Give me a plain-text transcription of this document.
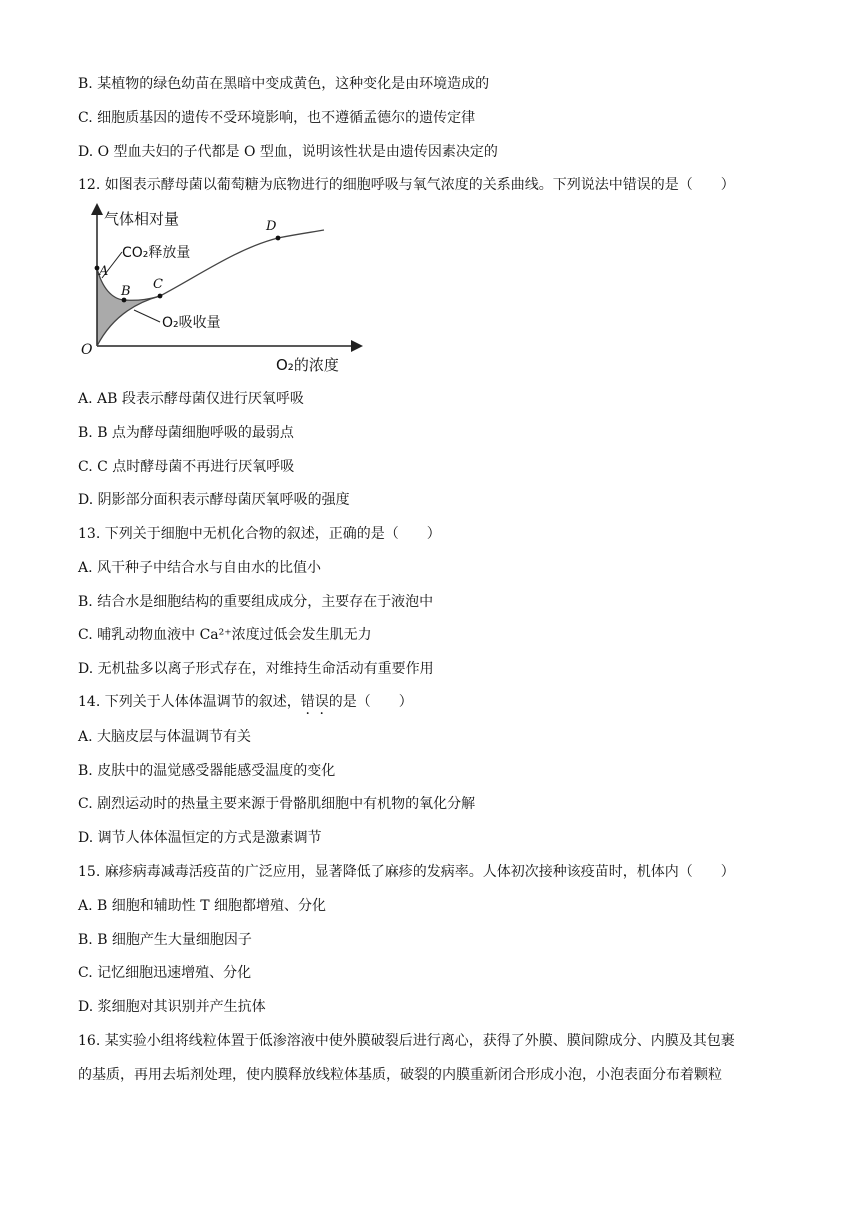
B. 某植物的绿色幼苗在黑暗中变成黄色，这种变化是由环境造成的
C. 细胞质基因的遗传不受环境影响，也不遵循孟德尔的遗传定律
D. O 型血夫妇的子代都是 O 型血，说明该性状是由遗传因素决定的
12. 如图表示酵母菌以葡萄糖为底物进行的细胞呼吸与氧气浓度的关系曲线。下列说法中错误的是（　　）
气体相对量
CO₂释放量
O₂吸收量
O₂的浓度
O
A
B C
D
A. AB 段表示酵母菌仅进行厌氧呼吸
B. B 点为酵母菌细胞呼吸的最弱点
C. C 点时酵母菌不再进行厌氧呼吸
D. 阴影部分面积表示酵母菌厌氧呼吸的强度
13. 下列关于细胞中无机化合物的叙述，正确的是（　　）
A. 风干种子中结合水与自由水的比值小
B. 结合水是细胞结构的重要组成成分，主要存在于液泡中
C. 哺乳动物血液中 Ca²⁺浓度过低会发生肌无力
D. 无机盐多以离子形式存在，对维持生命活动有重要作用
14. 下列关于人体体温调节的叙述，错误的是（　　）
A. 大脑皮层与体温调节有关
B. 皮肤中的温觉感受器能感受温度的变化
C. 剧烈运动时的热量主要来源于骨骼肌细胞中有机物的氧化分解
D. 调节人体体温恒定的方式是激素调节
15. 麻疹病毒减毒活疫苗的广泛应用，显著降低了麻疹的发病率。人体初次接种该疫苗时，机体内（　　）
A. B 细胞和辅助性 T 细胞都增殖、分化
B. B 细胞产生大量细胞因子
C. 记忆细胞迅速增殖、分化
D. 浆细胞对其识别并产生抗体
16. 某实验小组将线粒体置于低渗溶液中使外膜破裂后进行离心，获得了外膜、膜间隙成分、内膜及其包裹
的基质，再用去垢剂处理，使内膜释放线粒体基质，破裂的内膜重新闭合形成小泡，小泡表面分布着颗粒
